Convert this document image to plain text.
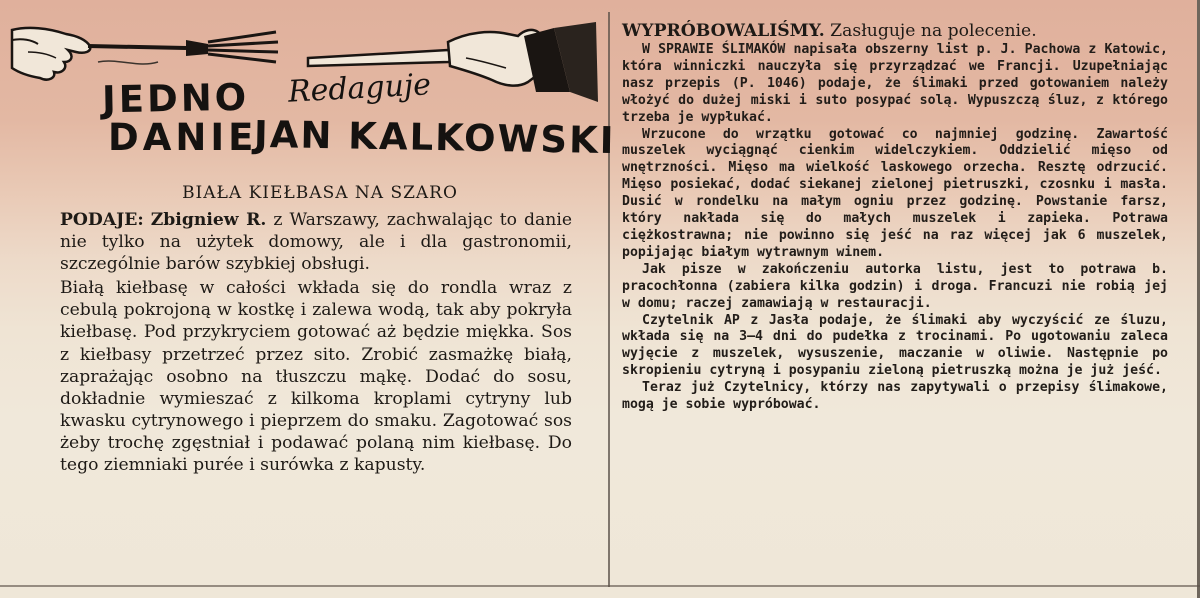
JEDNO Redaguje
DANIE
JAN KALKOWSKI
BIAŁA KIEŁBASA NA SZARO

PODAJE: Zbigniew R. z Warszawy, zachwalając to danie nie tylko na użytek domowy, ale i dla gastronomii, szczególnie barów szybkiej obsługi.

Białą kiełbasę w całości wkłada się do rondla wraz z cebulą pokrojoną w kostkę i zalewa wodą, tak aby pokryła kiełbasę. Pod przykryciem gotować aż będzie miękka. Sos z kiełbasy przetrzeć przez sito. Zrobić zasmażkę białą, zaprażając osobno na tłuszczu mąkę. Dodać do sosu, dokładnie wymieszać z kilkoma kroplami cytryny lub kwasku cytrynowego i pieprzem do smaku. Zagotować sos żeby trochę zgęstniał i podawać polaną nim kiełbasę. Do tego ziemniaki purée i surówka z kapusty.

WYPRÓBOWALIŚMY. Zasługuje na polecenie.

W SPRAWIE ŚLIMAKÓW napisała obszerny list p. J. Pachowa z Katowic, która winniczki nauczyła się przyrządzać we Francji. Uzupełniając nasz przepis (P. 1046) podaje, że ślimaki przed gotowaniem należy włożyć do dużej miski i suto posypać solą. Wypuszczą śluz, z którego trzeba je wypłukać.

Wrzucone do wrzątku gotować co najmniej godzinę. Zawartość muszelek wyciągnąć cienkim widelczykiem. Oddzielić mięso od wnętrzności. Mięso ma wielkość laskowego orzecha. Resztę odrzucić. Mięso posiekać, dodać siekanej zielonej pietruszki, czosnku i masła. Dusić w rondelku na małym ogniu przez godzinę. Powstanie farsz, który nakłada się do małych muszelek i zapieka. Potrawa ciężkostrawna; nie powinno się jeść na raz więcej jak 6 muszelek, popijając białym wytrawnym winem.

Jak pisze w zakończeniu autorka listu, jest to potrawa b. pracochłonna (zabiera kilka godzin) i droga. Francuzi nie robią jej w domu; raczej zamawiają w restauracji.

Czytelnik AP z Jasła podaje, że ślimaki aby wyczyścić ze śluzu, wkłada się na 3—4 dni do pudełka z trocinami. Po ugotowaniu zaleca wyjęcie z muszelek, wysuszenie, maczanie w oliwie. Następnie po skropieniu cytryną i posypaniu zieloną pietruszką można je już jeść.

Teraz już Czytelnicy, którzy nas zapytywali o przepisy ślimakowe, mogą je sobie wypróbować.
